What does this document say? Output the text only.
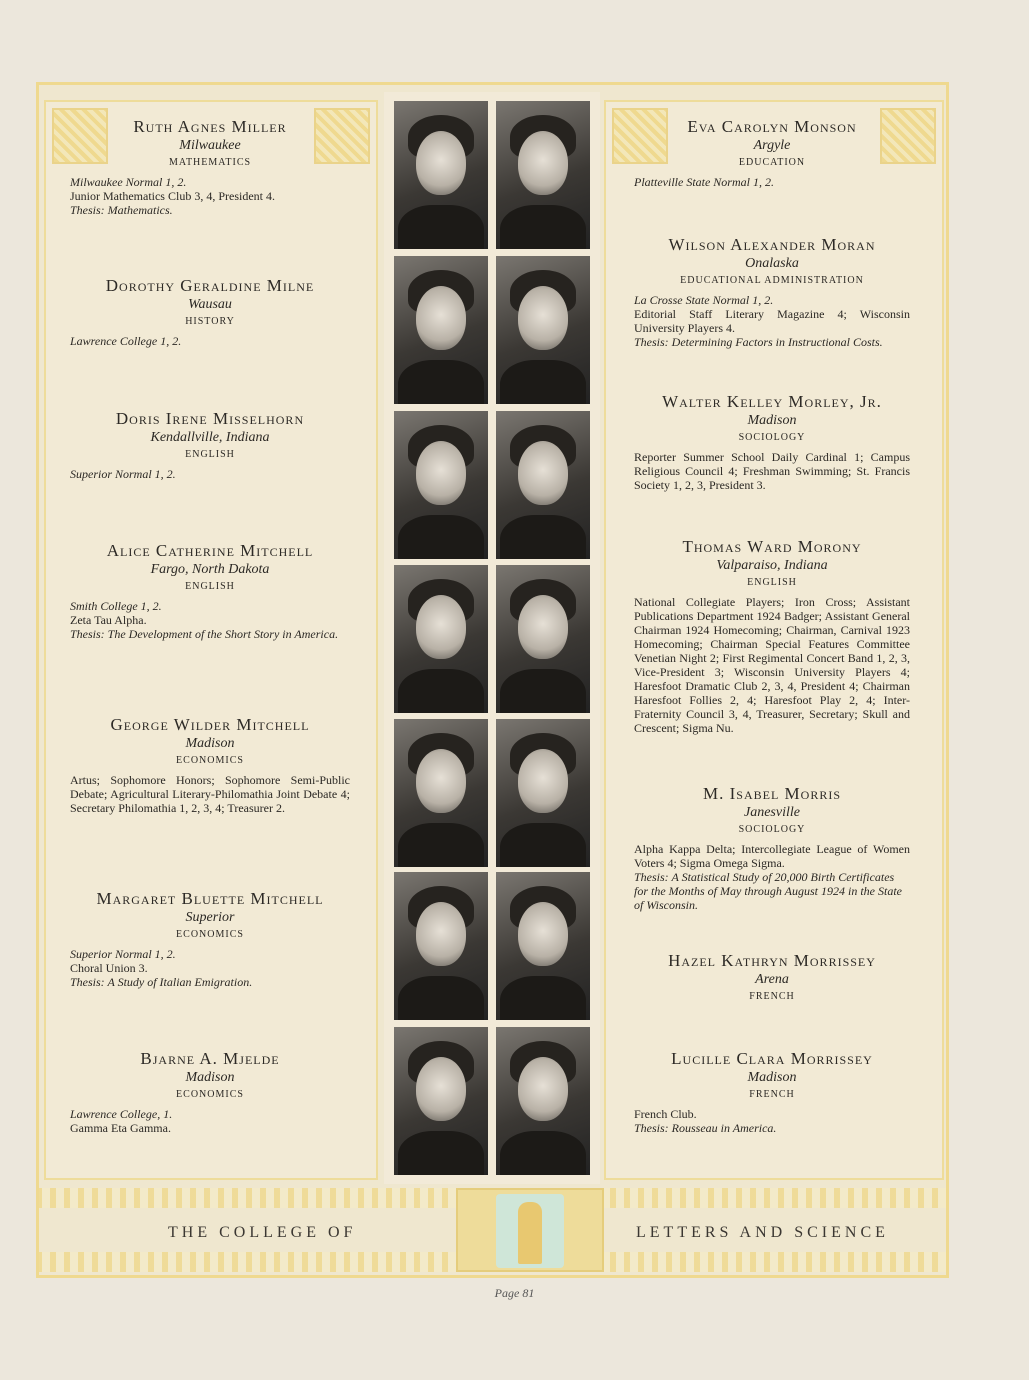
Ruth Agnes Miller

Milwaukee
MATHEMATICS
Milwaukee Normal 1, 2.
Junior Mathematics Club 3, 4, President 4.
Thesis: Mathematics.

Dorothy Geraldine Milne

Wausau
HISTORY
Lawrence College 1, 2.

Doris Irene Misselhorn

Kendallville, Indiana
ENGLISH
Superior Normal 1, 2.

Alice Catherine Mitchell

Fargo, North Dakota
ENGLISH
Smith College 1, 2.
Zeta Tau Alpha.
Thesis: The Development of the Short Story in America.

George Wilder Mitchell

Madison
ECONOMICS
Artus; Sophomore Honors; Sophomore Semi-Public Debate; Agricultural Literary-Philomathia Joint Debate 4; Secretary Philomathia 1, 2, 3, 4; Treasurer 2.

Margaret Bluette Mitchell

Superior
ECONOMICS
Superior Normal 1, 2.
Choral Union 3.
Thesis: A Study of Italian Emigration.

Bjarne A. Mjelde

Madison
ECONOMICS
Lawrence College, 1.
Gamma Eta Gamma.

Eva Carolyn Monson

Argyle
EDUCATION
Platteville State Normal 1, 2.

Wilson Alexander Moran

Onalaska
EDUCATIONAL ADMINISTRATION
La Crosse State Normal 1, 2.
Editorial Staff Literary Magazine 4; Wisconsin University Players 4.
Thesis: Determining Factors in Instructional Costs.

Walter Kelley Morley, Jr.

Madison
SOCIOLOGY
Reporter Summer School Daily Cardinal 1; Campus Religious Council 4; Freshman Swimming; St. Francis Society 1, 2, 3, President 3.

Thomas Ward Morony

Valparaiso, Indiana
ENGLISH
National Collegiate Players; Iron Cross; Assistant Publications Department 1924 Badger; Assistant General Chairman 1924 Homecoming; Chairman, Carnival 1923 Homecoming; Chairman Special Features Committee Venetian Night 2; First Regimental Concert Band 1, 2, 3, Vice-President 3; Wisconsin University Players 4; Haresfoot Dramatic Club 2, 3, 4, President 4; Chairman Haresfoot Follies 2, 4; Haresfoot Play 2, 4; Inter-Fraternity Council 3, 4, Treasurer, Secretary; Skull and Crescent; Sigma Nu.

M. Isabel Morris

Janesville
SOCIOLOGY
Alpha Kappa Delta; Intercollegiate League of Women Voters 4; Sigma Omega Sigma.
Thesis: A Statistical Study of 20,000 Birth Certificates for the Months of May through August 1924 in the State of Wisconsin.

Hazel Kathryn Morrissey

Arena
FRENCH

Lucille Clara Morrissey

Madison
FRENCH
French Club.
Thesis: Rousseau in America.
THE COLLEGE OF	LETTERS AND SCIENCE
Page 81
